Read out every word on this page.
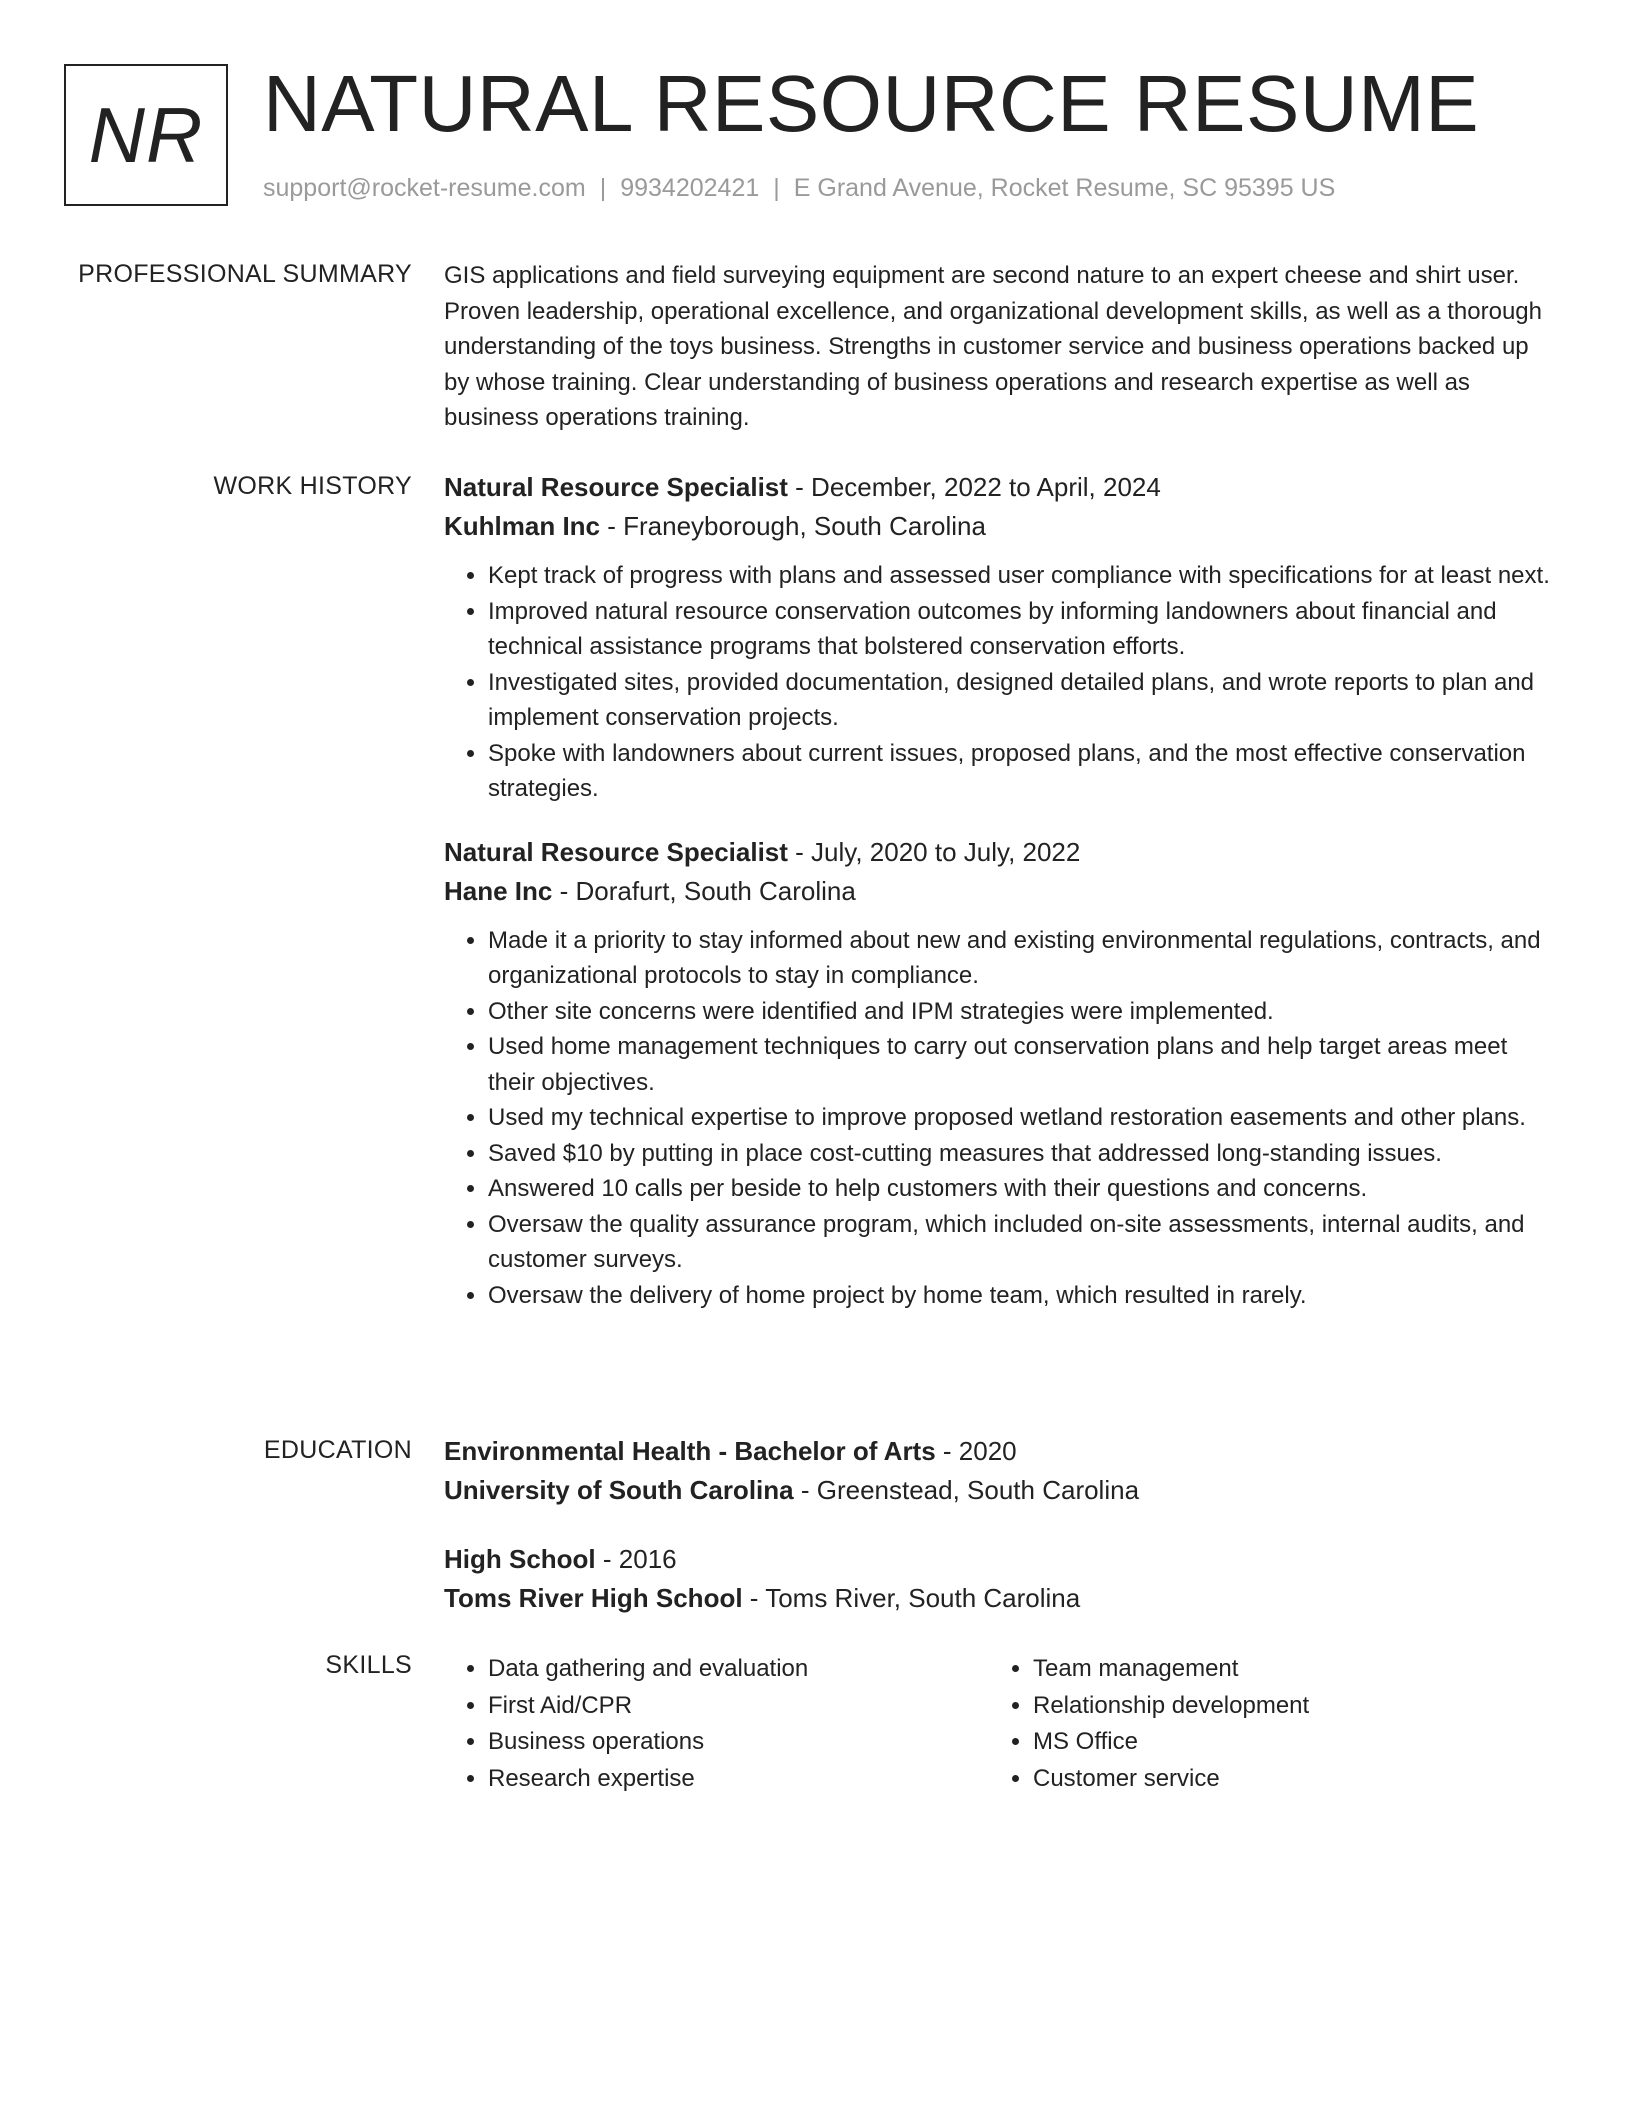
NR NATURAL RESOURCE RESUME
support@rocket-resume.com | 9934202421 | E Grand Avenue, Rocket Resume, SC 95395 US
PROFESSIONAL SUMMARY GIS applications and field surveying equipment are second nature to an expert cheese and shirt user. Proven leadership, operational excellence, and organizational development skills, as well as a thorough understanding of the toys business. Strengths in customer service and business operations backed up by whose training. Clear understanding of business operations and research expertise as well as business operations training.

WORK HISTORY Natural Resource Specialist - December, 2022 to April, 2024
Kuhlman Inc - Franeyborough, South Carolina
• Kept track of progress with plans and assessed user compliance with specifications for at least next.
• Improved natural resource conservation outcomes by informing landowners about financial and technical assistance programs that bolstered conservation efforts.
• Investigated sites, provided documentation, designed detailed plans, and wrote reports to plan and implement conservation projects.
• Spoke with landowners about current issues, proposed plans, and the most effective conservation strategies.
Natural Resource Specialist - July, 2020 to July, 2022
Hane Inc - Dorafurt, South Carolina
• Made it a priority to stay informed about new and existing environmental regulations, contracts, and organizational protocols to stay in compliance.
• Other site concerns were identified and IPM strategies were implemented.
• Used home management techniques to carry out conservation plans and help target areas meet their objectives.
• Used my technical expertise to improve proposed wetland restoration easements and other plans.
• Saved $10 by putting in place cost-cutting measures that addressed long-standing issues.
• Answered 10 calls per beside to help customers with their questions and concerns.
• Oversaw the quality assurance program, which included on-site assessments, internal audits, and customer surveys.
• Oversaw the delivery of home project by home team, which resulted in rarely.
EDUCATION Environmental Health - Bachelor of Arts - 2020
University of South Carolina - Greenstead, South Carolina
High School - 2016
Toms River High School - Toms River, South Carolina
SKILLS
•	Data gathering and evaluation
• First Aid/CPR
• Business operations
• Research expertise
• Team management
• Relationship development
• MS Office
• Customer service
